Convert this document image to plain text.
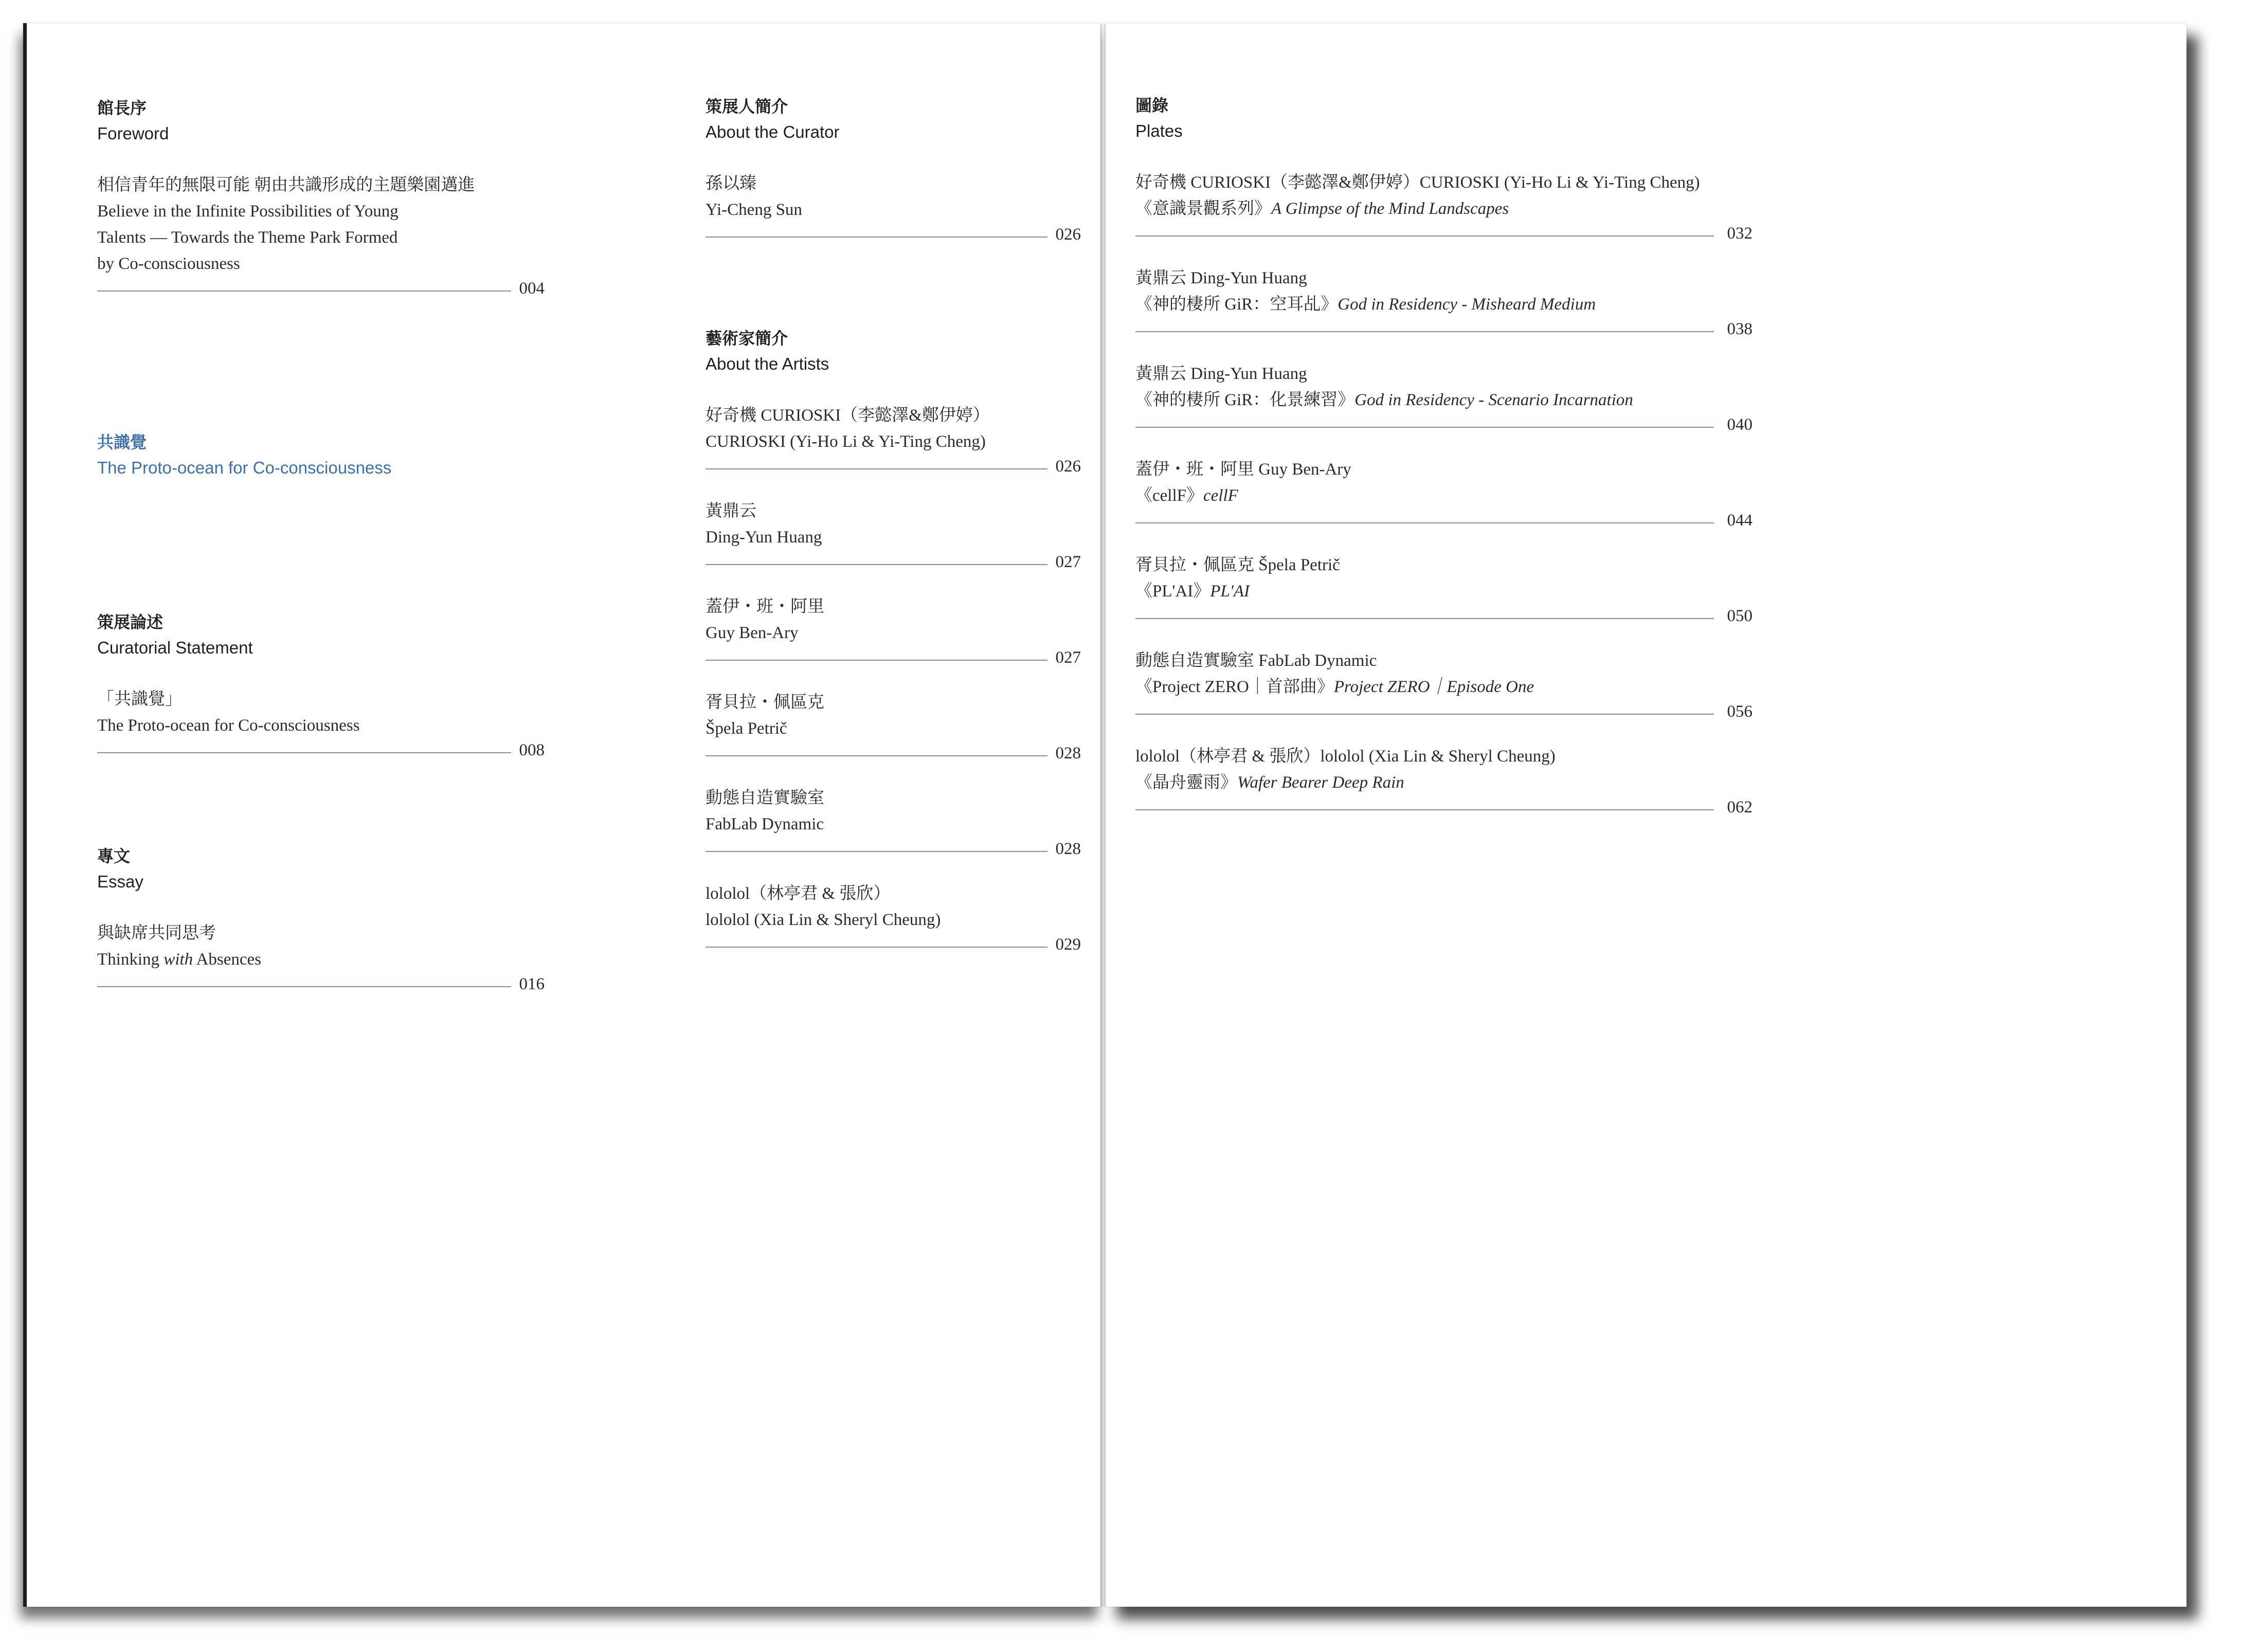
館長序

Foreword

相信青年的無限可能 朝由共識形成的主題樂園邁進

Believe in the Infinite Possibilities of Young

Talents — Towards the Theme Park Formed

by Co-consciousness

004

共識覺

The Proto-ocean for Co-consciousness

策展論述

Curatorial Statement

「共識覺」

The Proto-ocean for Co-consciousness

008

專文

Essay

與缺席共同思考

Thinking with Absences

016

策展人簡介

About the Curator

孫以臻

Yi-Cheng Sun

026

藝術家簡介

About the Artists

好奇機 CURIOSKI（李懿澤&鄭伊婷）

CURIOSKI (Yi-Ho Li & Yi-Ting Cheng)

026

黃鼎云

Ding-Yun Huang

027

蓋伊・班・阿里

Guy Ben-Ary

027

胥貝拉・佩區克

Špela Petrič

028

動態自造實驗室

FabLab Dynamic

028

lololol（林亭君 & 張欣）

lololol (Xia Lin & Sheryl Cheung)

029

圖錄

Plates

好奇機 CURIOSKI（李懿澤&鄭伊婷）CURIOSKI (Yi-Ho Li & Yi-Ting Cheng)

《意識景觀系列》A Glimpse of the Mind Landscapes

032

黃鼎云 Ding-Yun Huang

《神的棲所 GiR：空耳乩》God in Residency - Misheard Medium

038

黃鼎云 Ding-Yun Huang

《神的棲所 GiR：化景練習》God in Residency - Scenario Incarnation

040

蓋伊・班・阿里 Guy Ben-Ary

《cellF》cellF

044

胥貝拉・佩區克 Špela Petrič

《PL'AI》PL'AI

050

動態自造實驗室 FabLab Dynamic

《Project ZERO｜首部曲》Project ZERO｜Episode One

056

lololol（林亭君 & 張欣）lololol (Xia Lin & Sheryl Cheung)

《晶舟靈雨》Wafer Bearer Deep Rain

062
